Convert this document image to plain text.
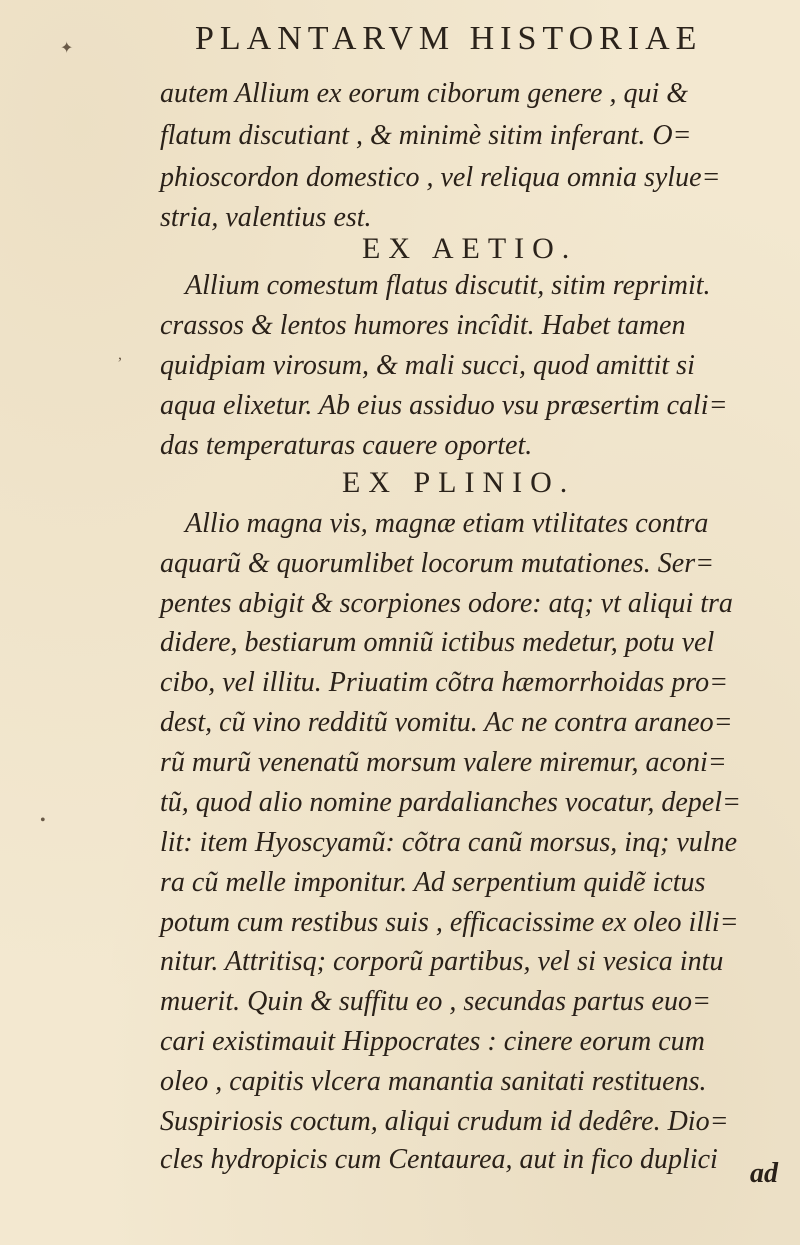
✦
,
•
PLANTARVM HISTORIAE
autem Allium ex eorum ciborum genere , qui &
flatum discutiant , & minimè sitim inferant. O=
phioscordon domestico , vel reliqua omnia sylue=
stria, valentius est.
EX AETIO.
Allium comestum flatus discutit, sitim reprimit.
crassos & lentos humores incîdit. Habet tamen
quidpiam virosum, & mali succi, quod amittit si
aqua elixetur. Ab eius assiduo vsu præsertim cali=
das temperaturas cauere oportet.
EX PLINIO.
Allio magna vis, magnæ etiam vtilitates contra
aquarũ & quorumlibet locorum mutationes. Ser=
pentes abigit & scorpiones odore: atq; vt aliqui tra
didere, bestiarum omniũ ictibus medetur, potu vel
cibo, vel illitu. Priuatim cõtra hæmorrhoidas pro=
dest, cũ vino redditũ vomitu. Ac ne contra araneo=
rũ murũ venenatũ morsum valere miremur, aconi=
tũ, quod alio nomine pardalianches vocatur, depel=
lit: item Hyoscyamũ: cõtra canũ morsus, inq; vulne
ra cũ melle imponitur. Ad serpentium quidẽ ictus
potum cum restibus suis , efficacissime ex oleo illi=
nitur. Attritisq; corporũ partibus, vel si vesica intu
muerit. Quin & suffitu eo , secundas partus euo=
cari existimauit Hippocrates : cinere eorum cum
oleo , capitis vlcera manantia sanitati restituens.
Suspiriosis coctum, aliqui crudum id dedêre. Dio=
cles hydropicis cum Centaurea, aut in fico duplici ad
